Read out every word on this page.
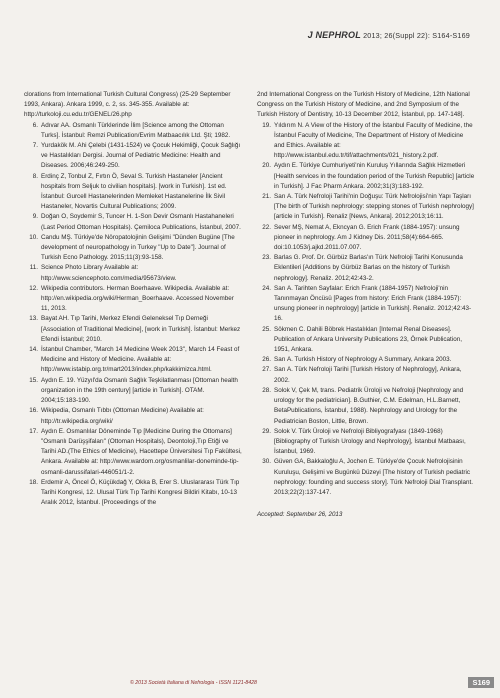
J NEPHROL 2013; 26(Suppl 22): S164-S169
clorations from International Turkish Cultural Congress) (25-29 September 1993, Ankara). Ankara 1999, c. 2, ss. 345-355. Available at: http://turkoloji.cu.edu.tr/GENEL/26.php
6. Adıvar AA. Osmanlı Türklerinde İlim [Science among the Ottoman Turks]. İstanbul: Remzi Publication/Evrim Matbaacılık Ltd. Şti; 1982.
7. Yurdakök M. Ahi Çelebi (1431-1524) ve Çocuk Hekimliği, Çocuk Sağlığı ve Hastalıkları Dergisi. Journal of Pediatric Medicine: Health and Diseases. 2006;46:249-250.
8. Erdinç Z, Tonbul Z, Fırtın Ö, Seval S. Turkish Hastaneler [Ancient hospitals from Seljuk to civilian hospitals]. [work in Turkish]. 1st ed. İstanbul: Gurcell Hastanelerinden Memleket Hastanelerine İlk Sivil Hastaneler, Novartis Cultural Publications; 2009.
9. Doğan O, Soydemir S, Tuncer H. 1-Son Devir Osmanlı Hastahaneleri (Last Period Ottoman Hospitals). Çemiloca Publications, İstanbul, 2007.
10. Candu MŞ. Türkiye'de Nöropatolojinin Gelişimi "Dünden Bugüne [The development of neuropathology in Turkey "Up to Date"]. Journal of Turkish Ecno Pathology. 2015;11(3):93-158.
11. Science Photo Library Available at: http://www.sciencephoto.com/media/95673/view.
12. Wikipedia contributors. Herman Boerhaave. Wikipedia. Available at: http://en.wikipedia.org/wiki/Herman_Boerhaave. Accessed November 11, 2013.
13. Bayat AH. Tıp Tarihi, Merkez Efendi Geleneksel Tıp Derneği [Association of Traditional Medicine], [work in Turkish]. İstanbul: Merkez Efendi İstanbul; 2010.
14. İstanbul Chamber, "March 14 Medicine Week 2013", March 14 Feast of Medicine and History of Medicine. Available at: http://www.istabip.org.tr/mart2013/index.php/kakkimizca.html.
15. Aydın E. 19. Yüzyıl'da Osmanlı Sağlık Teşkilatlanması [Ottoman health organization in the 19th century] [article in Turkish]. OTAM. 2004;15:183-190.
16. Wikipedia, Osmanlı Tıbbı (Ottoman Medicine) Available at: http://tr.wikipedia.org/wiki/
17. Aydın E. Osmanlılar Döneminde Tıp [Medicine During the Ottomans] "Osmanlı Darüşşifaları" (Ottoman Hospitals), Deontoloji,Tıp Etiği ve Tarihi AD.(The Ethics of Medicine), Hacettepe Üniversitesi Tıp Fakültesi, Ankara. Available at: http://www.wardom.org/osmanlilar-doneminde-tip-osmanli-darussifalari-446051/1-2.
18. Erdemir A, Öncel Ö, Küçükdağ Y, Okka B, Erer S. Uluslararası Türk Tıp Tarihi Kongresi, 12. Ulusal Türk Tıp Tarihi Kongresi Bildiri Kitabı, 10-13 Aralık 2012, İstanbul. [Proceedings of the
2nd International Congress on the Turkish History of Medicine, 12th National Congress on the Turkish History of Medicine, and 2nd Symposium of the Turkish History of Dentistry, 10-13 December 2012, İstanbul, pp. 147-148].
19. Yıldırım N. A View of the History of the İstanbul Faculty of Medicine, the İstanbul Faculty of Medicine, The Department of History of Medicine and Ethics. Available at: http://www.istanbul.edu.tr/tif/attachments/021_history.2.pdf.
20. Aydın E. Türkiye Cumhuriyeti'nin Kuruluş Yıllarında Sağlık Hizmetleri [Health services in the foundation period of the Turkish Republic] [article in Turkish]. J Fac Pharm Ankara. 2002;31(3):183-192.
21. Sarı A. Türk Nefroloji Tarihi'nin Doğuşu: Türk Nefrolojisi'nin Yapı Taşları [The birth of Turkish nephrology: stepping stones of Turkish nephrology] [article in Turkish]. Renaliz [News, Ankara]. 2012;2013;16:11.
22. Sever MŞ, Nemat A, Ekncyan G. Erich Frank (1884-1957): unsung pioneer in nephrology. Am J Kidney Dis. 2011;58(4):664-665. doi:10.1053/j.ajkd.2011.07.007.
23. Barlas G. Prof. Dr. Gürbüz Barlas'ın Türk Nefroloji Tarihi Konusunda Eklentileri [Additions by Gürbüz Barlas on the history of Turkish nephrology]. Renaliz. 2012;42:43-2.
24. Sarı A. Tarihten Sayfalar: Erich Frank (1884-1957) Nefroloji'nin Tanınmayan Öncüsü [Pages from history: Erich Frank (1884-1957): unsung pioneer in nephrology] [article in Turkish]. Renaliz. 2012;42:43-16.
25. Sökmen C. Dahili Böbrek Hastalıkları [Internal Renal Diseases]. Publication of Ankara University Publications 23, Örnek Publication, 1951, Ankara.
26. Sarı A. Turkish History of Nephrology A Summary, Ankara 2003.
27. Sarı A. Türk Nefroloji Tarihi [Turkish History of Nephrology], Ankara, 2002.
28. Solok V, Çek M, trans. Pediatrik Üroloji ve Nefroloji [Nephrology and urology for the pediatrician]. B.Guthier, C.M. Edelman, H.L.Barnett, BetaPublications, İstanbul, 1988). Nephrology and Urology for the Pediatrician Boston, Little, Brown.
29. Solok V. Türk Üroloji ve Nefroloji Bibliyografyası (1849-1968) [Bibliography of Turkish Urology and Nephrology], İstanbul Matbaası, İstanbul, 1969.
30. Güven GA, Bakkaloğlu A, Jochen E. Türkiye'de Çocuk Nefrolojisinin Kuruluşu, Gelişimi ve Bugünkü Düzeyi [The history of Turkish pediatric nephrology: founding and success story]. Türk Nefroloji Dial Transplant. 2013;22(2):137-147.
Accepted: September 26, 2013
© 2013 Società Italiana di Nefrologia - ISSN 1121-8428	S169
